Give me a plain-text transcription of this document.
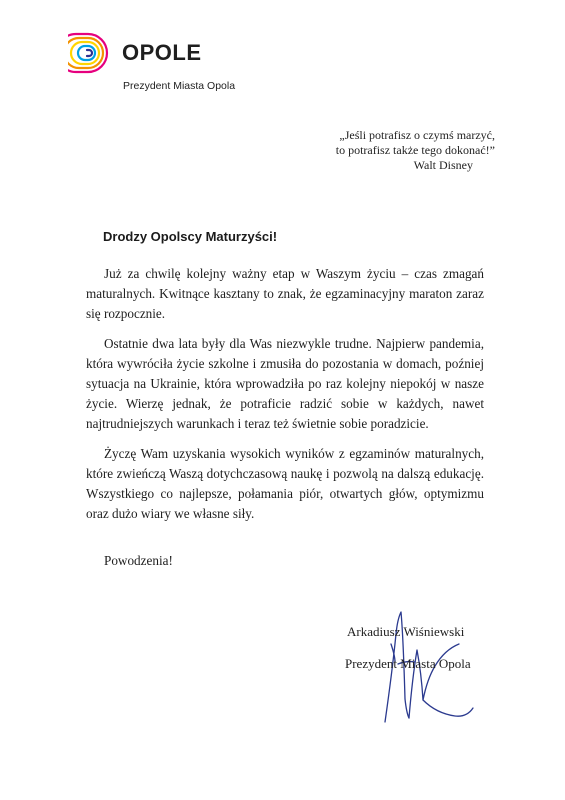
OPOLE
Prezydent Miasta Opola
„Jeśli potrafisz o czymś marzyć,
to potrafisz także tego dokonać!”
Walt Disney
Drodzy Opolscy Maturzyści!

Już za chwilę kolejny ważny etap w Waszym życiu – czas zmagań maturalnych. Kwitnące kasztany to znak, że egzaminacyjny maraton zaraz się rozpocznie.

Ostatnie dwa lata były dla Was niezwykle trudne. Najpierw pandemia, która wywróciła życie szkolne i zmusiła do pozostania w domach, poźniej sytuacja na Ukrainie, która wprowadziła po raz kolejny niepokój w nasze życie. Wierzę jednak, że potraficie radzić sobie w każdych, nawet najtrudniejszych warunkach i teraz też świetnie sobie poradzicie.

Życzę Wam uzyskania wysokich wyników z egzaminów maturalnych, które zwieńczą Waszą dotychczasową naukę i pozwolą na dalszą edukację. Wszystkiego co najlepsze, połamania piór, otwartych głów, optymizmu oraz dużo wiary we własne siły.

Powodzenia!
Arkadiusz Wiśniewski
Prezydent Miasta Opola
